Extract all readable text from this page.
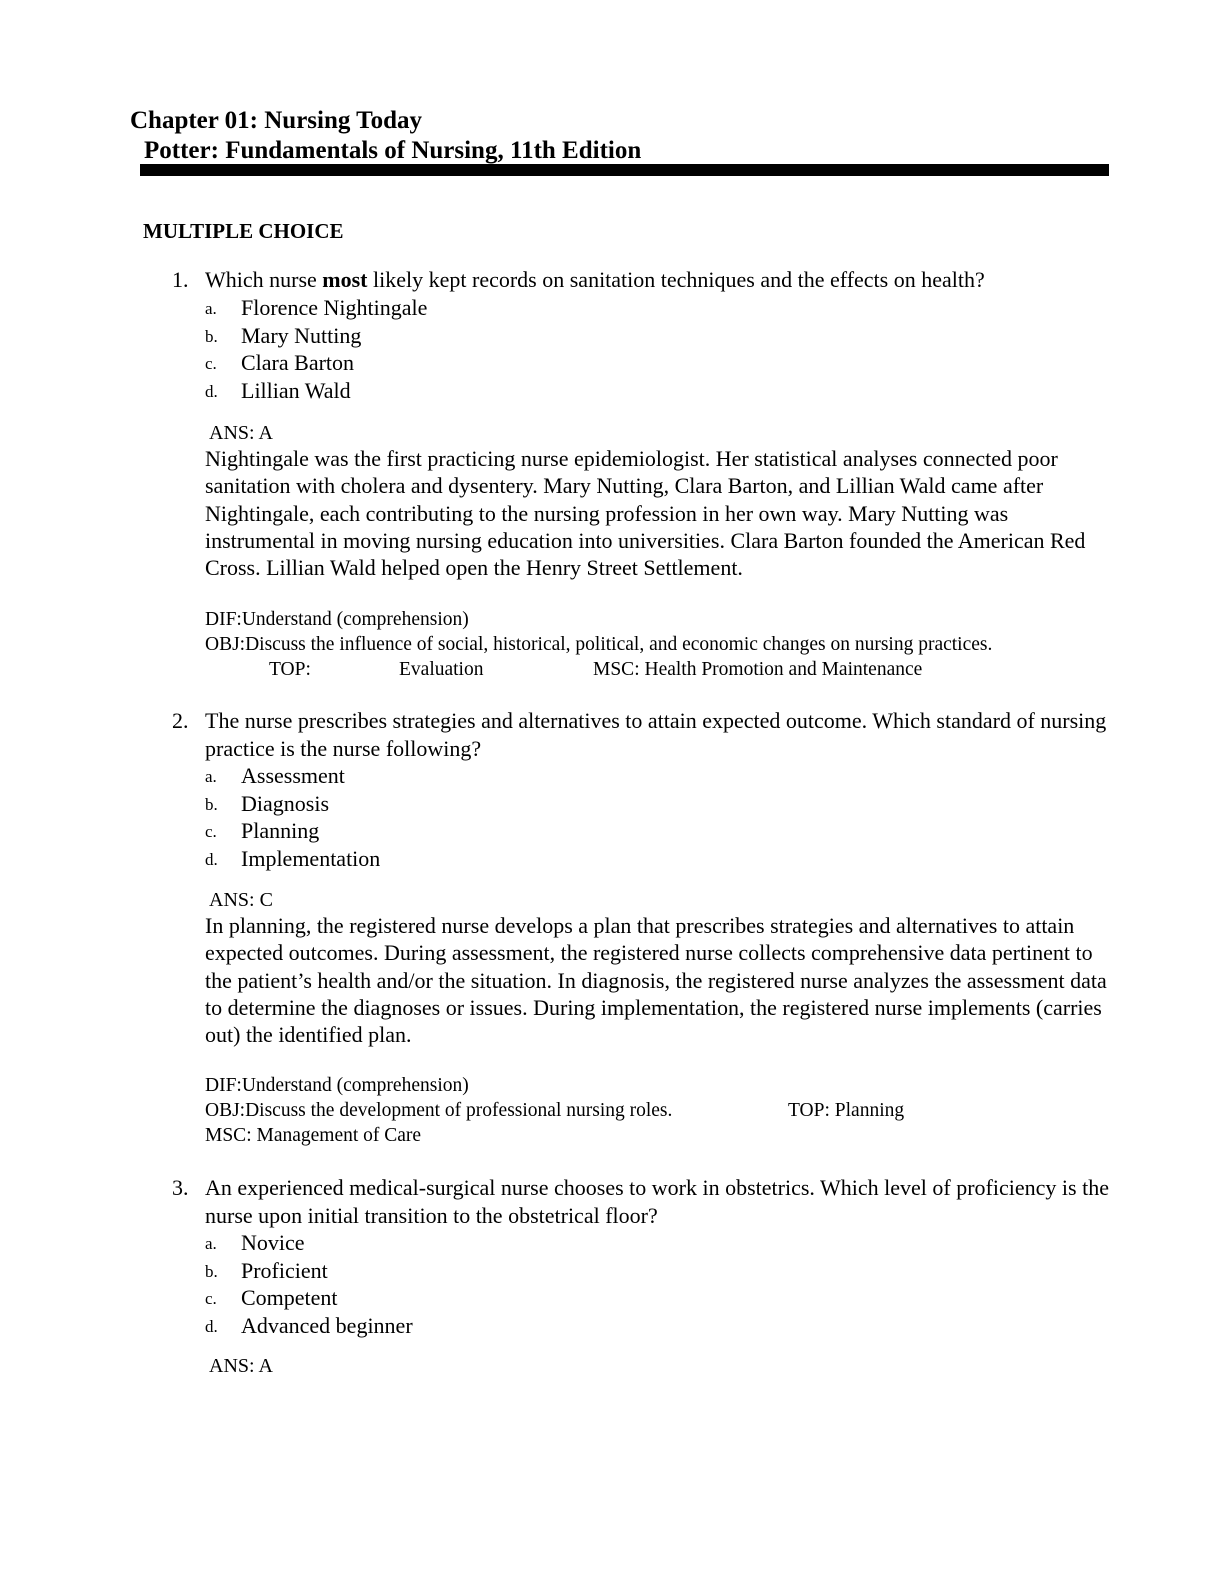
Chapter 01: Nursing Today
Potter: Fundamentals of Nursing, 11th Edition
MULTIPLE CHOICE
1. Which nurse most likely kept records on sanitation techniques and the effects on health?
a. Florence Nightingale
b. Mary Nutting
c. Clara Barton
d. Lillian Wald
ANS: A
Nightingale was the first practicing nurse epidemiologist. Her statistical analyses connected poor sanitation with cholera and dysentery. Mary Nutting, Clara Barton, and Lillian Wald came after Nightingale, each contributing to the nursing profession in her own way. Mary Nutting was instrumental in moving nursing education into universities. Clara Barton founded the American Red Cross. Lillian Wald helped open the Henry Street Settlement.
DIF:Understand (comprehension)
OBJ:Discuss the influence of social, historical, political, and economic changes on nursing practices.
TOP:	Evaluation	MSC: Health Promotion and Maintenance
2. The nurse prescribes strategies and alternatives to attain expected outcome. Which standard of nursing practice is the nurse following?
a. Assessment
b. Diagnosis
c. Planning
d. Implementation
ANS: C
In planning, the registered nurse develops a plan that prescribes strategies and alternatives to attain expected outcomes. During assessment, the registered nurse collects comprehensive data pertinent to the patient’s health and/or the situation. In diagnosis, the registered nurse analyzes the assessment data to determine the diagnoses or issues. During implementation, the registered nurse implements (carries out) the identified plan.
DIF:Understand (comprehension)
OBJ:Discuss the development of professional nursing roles.	TOP: Planning
MSC: Management of Care
3. An experienced medical-surgical nurse chooses to work in obstetrics. Which level of proficiency is the nurse upon initial transition to the obstetrical floor?
a. Novice
b. Proficient
c. Competent
d. Advanced beginner
ANS: A
